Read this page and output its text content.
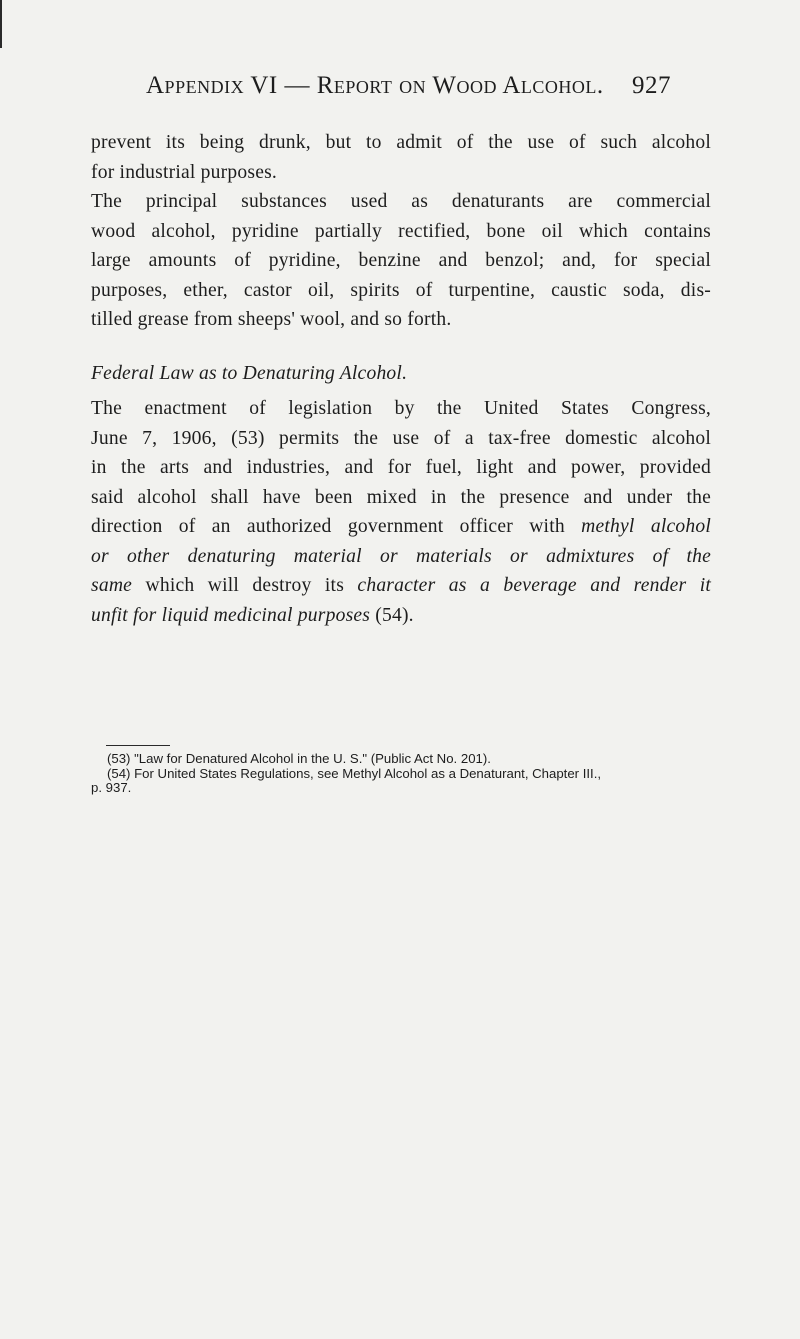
Appendix VI — Report on Wood Alcohol. 927
prevent its being drunk, but to admit of the use of such alcohol
for industrial purposes.
The principal substances used as denaturants are commercial
wood alcohol, pyridine partially rectified, bone oil which contains
large amounts of pyridine, benzine and benzol; and, for special
purposes, ether, castor oil, spirits of turpentine, caustic soda, dis-
tilled grease from sheeps' wool, and so forth.
Federal Law as to Denaturing Alcohol.
The enactment of legislation by the United States Congress,
June 7, 1906, (53) permits the use of a tax-free domestic alcohol
in the arts and industries, and for fuel, light and power, provided
said alcohol shall have been mixed in the presence and under the
direction of an authorized government officer with methyl alcohol
or other denaturing material or materials or admixtures of the
same which will destroy its character as a beverage and render it
unfit for liquid medicinal purposes (54).
(53) "Law for Denatured Alcohol in the U. S." (Public Act No. 201).
(54) For United States Regulations, see Methyl Alcohol as a Denaturant, Chapter III.,
p. 937.
